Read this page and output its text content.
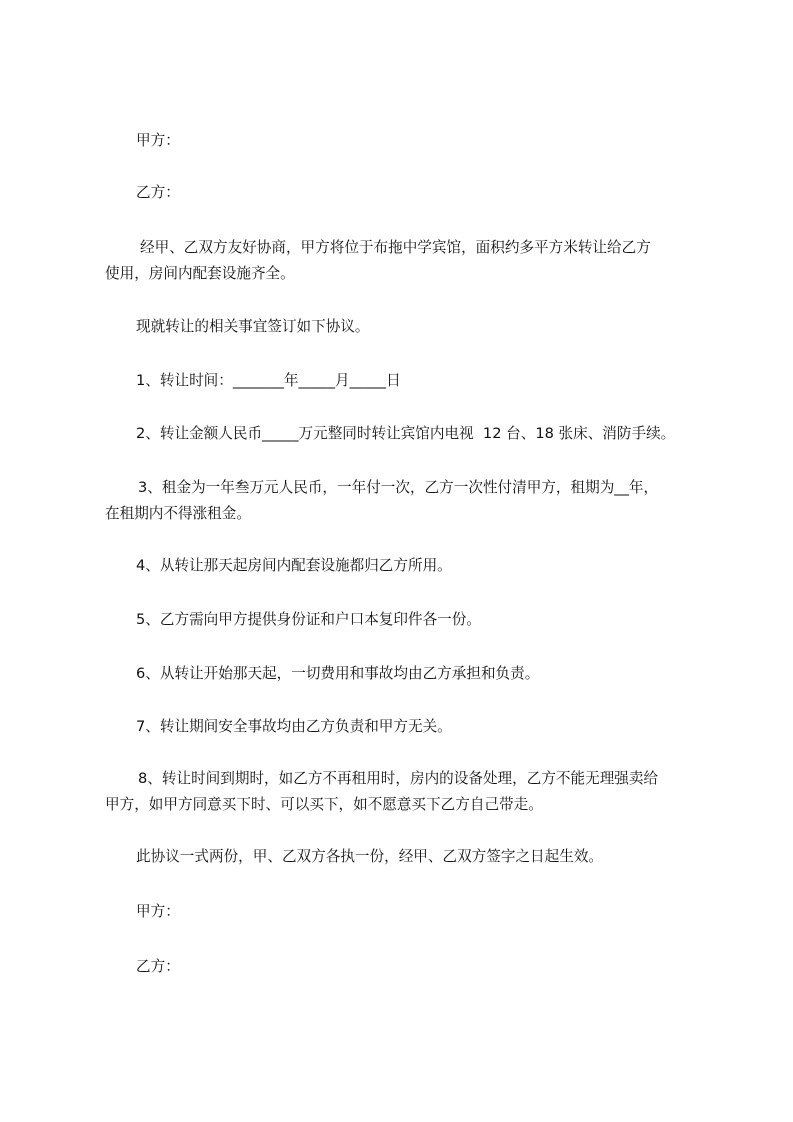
甲方：
乙方：
经甲、乙双方友好协商，甲方将位于布拖中学宾馆，面积约多平方米转让给乙方
使用，房间内配套设施齐全。
现就转让的相关事宜签订如下协议。
1、转让时间：_______年_____月_____日
2、转让金额人民币_____万元整同时转让宾馆内电视  12 台、18 张床、消防手续。
3、租金为一年叁万元人民币，一年付一次，乙方一次性付清甲方，租期为__年，
在租期内不得涨租金。
4、从转让那天起房间内配套设施都归乙方所用。
5、乙方需向甲方提供身份证和户口本复印件各一份。
6、从转让开始那天起，一切费用和事故均由乙方承担和负责。
7、转让期间安全事故均由乙方负责和甲方无关。
8、转让时间到期时，如乙方不再租用时，房内的设备处理，乙方不能无理强卖给
甲方，如甲方同意买下时、可以买下，如不愿意买下乙方自己带走。
此协议一式两份，甲、乙双方各执一份，经甲、乙双方签字之日起生效。
甲方：
乙方：
